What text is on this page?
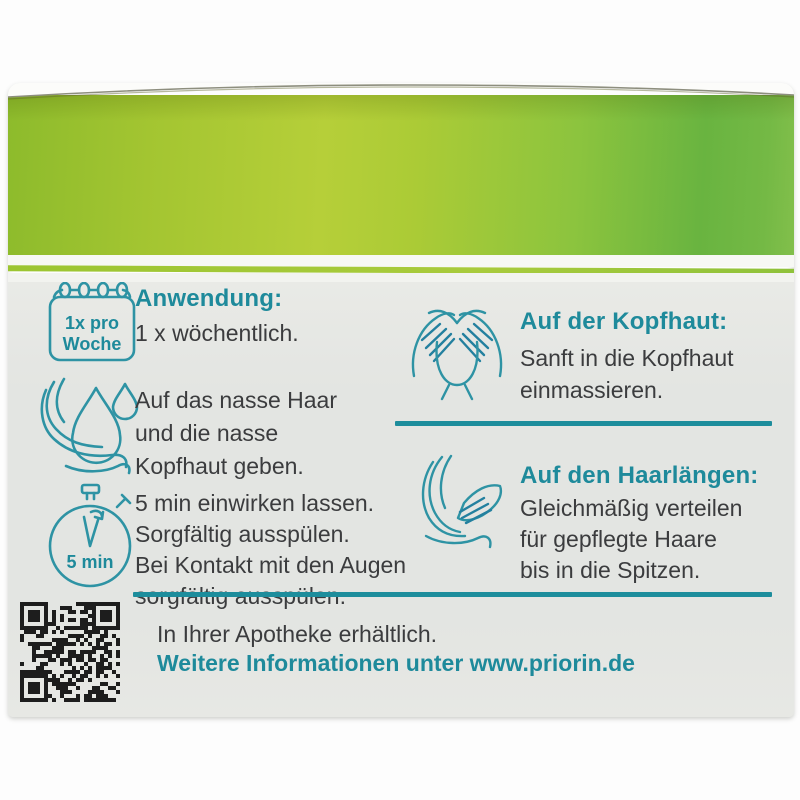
1x pro
Woche
Anwendung:
1 x wöchentlich.
Auf das nasse Haar
und die nasse
Kopfhaut geben.
5 min
5 min einwirken lassen.
Sorgfältig ausspülen.
Bei Kontakt mit den Augen
Auf der Kopfhaut:
Sanft in die Kopfhaut
einmassieren.
Auf den Haarlängen:
Gleichmäßig verteilen
für gepflegte Haare
bis in die Spitzen.
In Ihrer Apotheke erhältlich.
Weitere Informationen unter www.priorin.de
